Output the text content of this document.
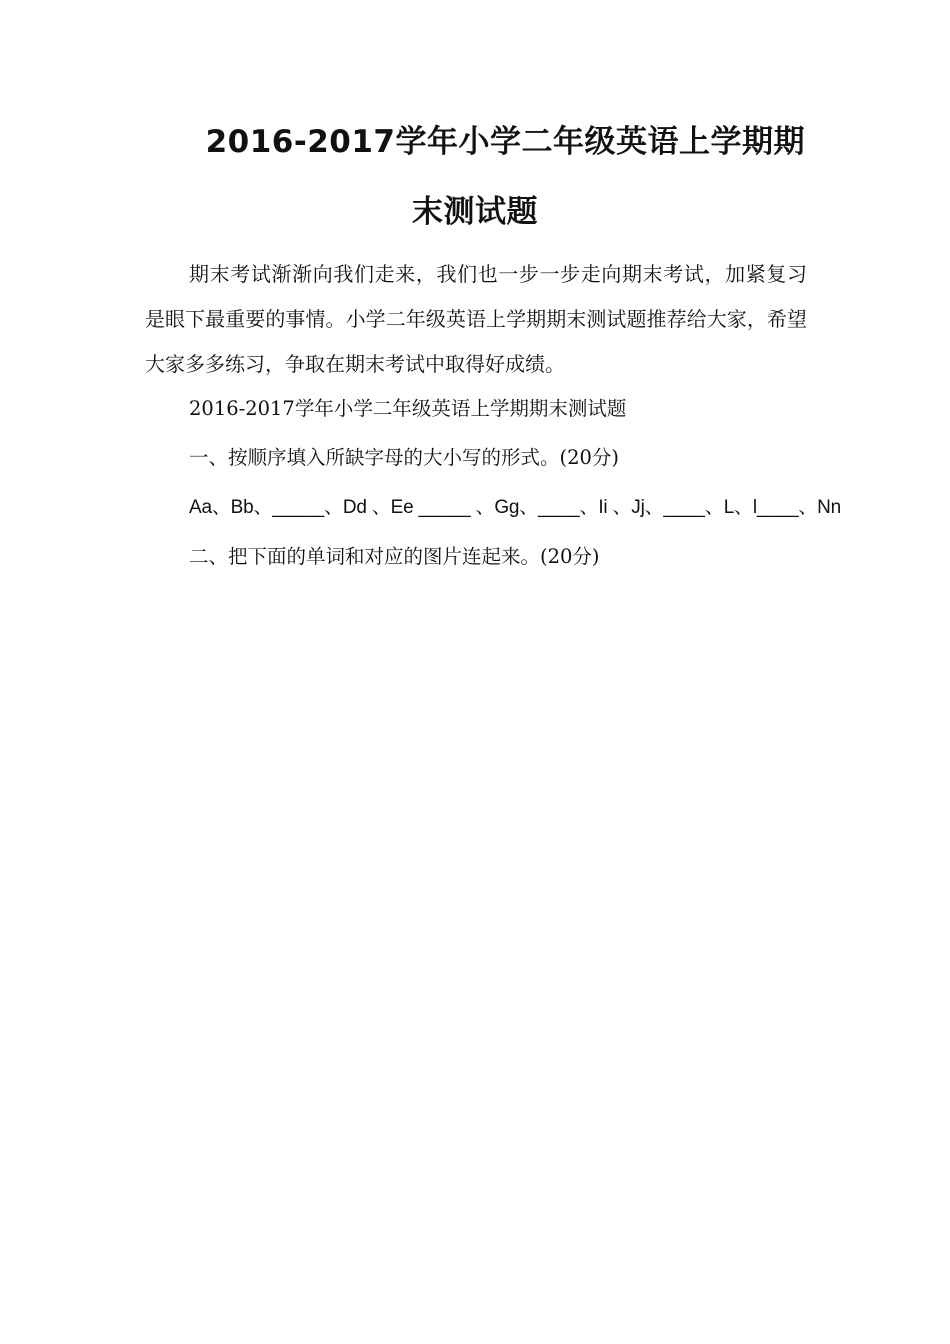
2016-2017学年小学二年级英语上学期期
末测试题

期末考试渐渐向我们走来，我们也一步一步走向期末考试，加紧复习是眼下最重要的事情。小学二年级英语上学期期末测试题推荐给大家，希望大家多多练习，争取在期末考试中取得好成绩。

2016-2017学年小学二年级英语上学期期末测试题

一、按顺序填入所缺字母的大小写的形式。(20分)

Aa、Bb、_____、Dd 、Ee _____ 、Gg、____、Ii 、Jj、____、L、l____、Nn

二、把下面的单词和对应的图片连起来。(20分)
